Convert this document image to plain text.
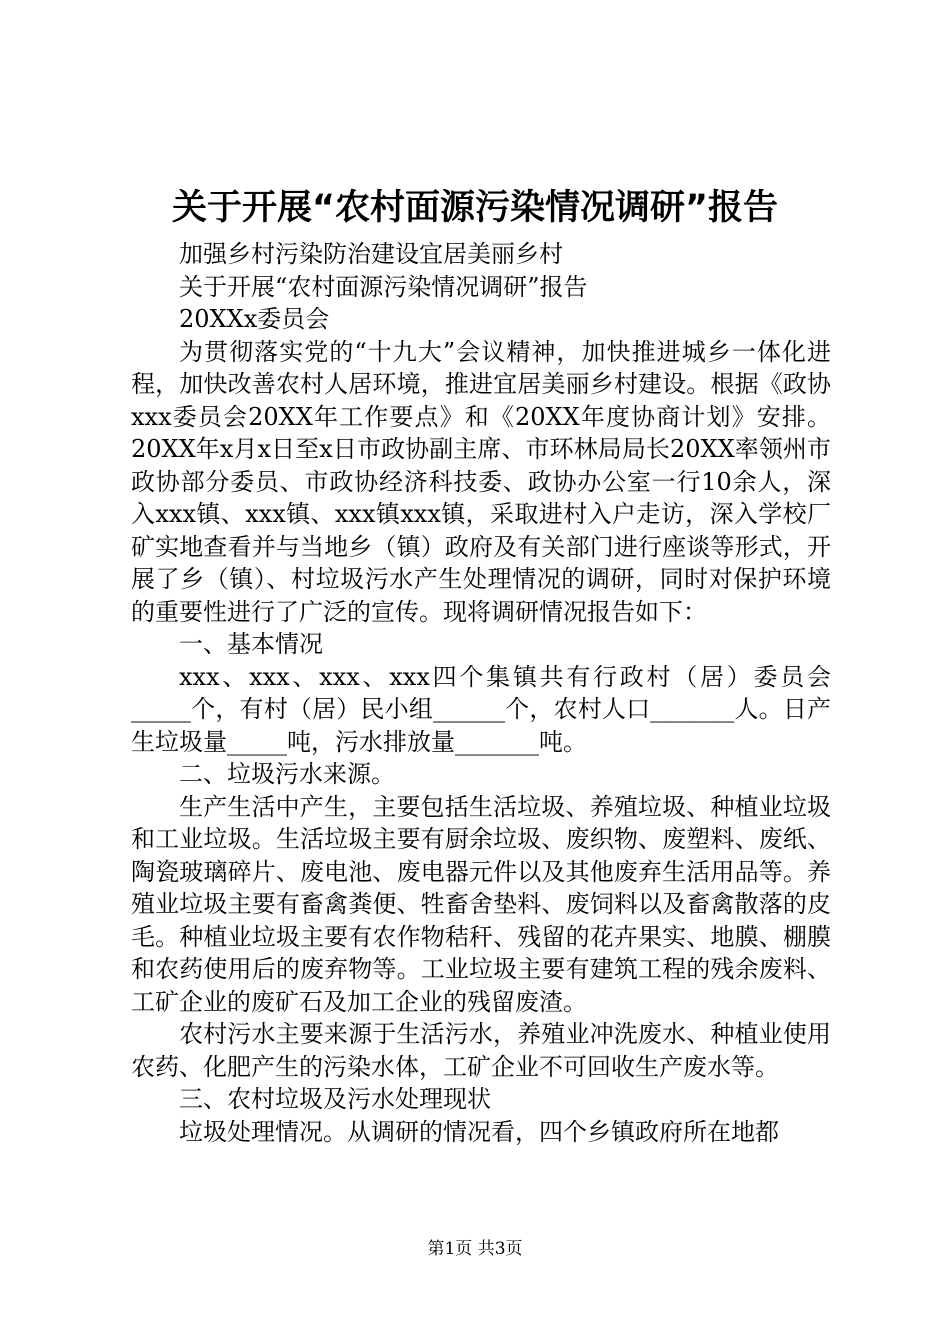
关于开展“农村面源污染情况调研”报告

加强乡村污染防治建设宜居美丽乡村

关于开展“农村面源污染情况调研”报告

20XXx委员会

为贯彻落实党的“十九大”会议精神，加快推进城乡一体化进程，加快改善农村人居环境，推进宜居美丽乡村建设。根据《政协xxx委员会20XX年工作要点》和《20XX年度协商计划》安排。20XX年x月x日至x日市政协副主席、市环林局局长20XX率领州市政协部分委员、市政协经济科技委、政协办公室一行10余人，深入xxx镇、xxx镇、xxx镇xxx镇，采取进村入户走访，深入学校厂矿实地查看并与当地乡（镇）政府及有关部门进行座谈等形式，开展了乡（镇）、村垃圾污水产生处理情况的调研，同时对保护环境的重要性进行了广泛的宣传。现将调研情况报告如下：

一、基本情况

xxx、xxx、xxx、xxx四个集镇共有行政村（居）委员会_____个，有村（居）民小组______个，农村人口_______人。日产生垃圾量_____吨，污水排放量_______吨。

二、垃圾污水来源。

生产生活中产生，主要包括生活垃圾、养殖垃圾、种植业垃圾和工业垃圾。生活垃圾主要有厨余垃圾、废织物、废塑料、废纸、陶瓷玻璃碎片、废电池、废电器元件以及其他废弃生活用品等。养殖业垃圾主要有畜禽粪便、牲畜舍垫料、废饲料以及畜禽散落的皮毛。种植业垃圾主要有农作物秸秆、残留的花卉果实、地膜、棚膜和农药使用后的废弃物等。工业垃圾主要有建筑工程的残余废料、工矿企业的废矿石及加工企业的残留废渣。

农村污水主要来源于生活污水，养殖业冲洗废水、种植业使用农药、化肥产生的污染水体，工矿企业不可回收生产废水等。

三、农村垃圾及污水处理现状

垃圾处理情况。从调研的情况看，四个乡镇政府所在地都

第1页 共3页
